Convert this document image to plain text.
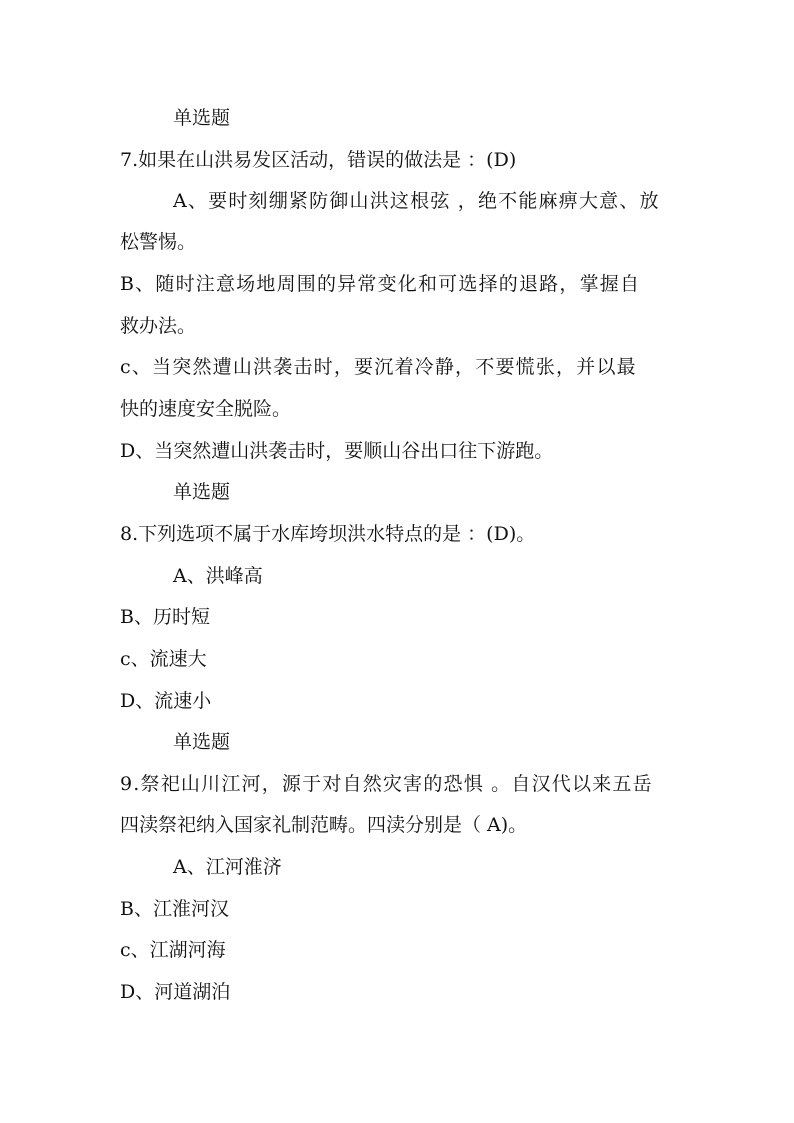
单选题
7.如果在山洪易发区活动，错误的做法是 ：(D)
A、要时刻绷紧防御山洪这根弦 ，绝不能麻痹大意、放
松警惕。
B、随时注意场地周围的异常变化和可选择的退路，掌握自
救办法。
c、当突然遭山洪袭击时，要沉着冷静，不要慌张，并以最
快的速度安全脱险。
D、当突然遭山洪袭击时，要顺山谷出口往下游跑。
单选题
8.下列选项不属于水库垮坝洪水特点的是 ：(D)。
A、洪峰高
B、历时短
c、流速大
D、流速小
单选题
9.祭祀山川江河，源于对自然灾害的恐惧 。自汉代以来五岳
四渎祭祀纳入国家礼制范畴。四渎分别是（ A)。
A、江河淮济
B、江淮河汉
c、江湖河海
D、河道湖泊
